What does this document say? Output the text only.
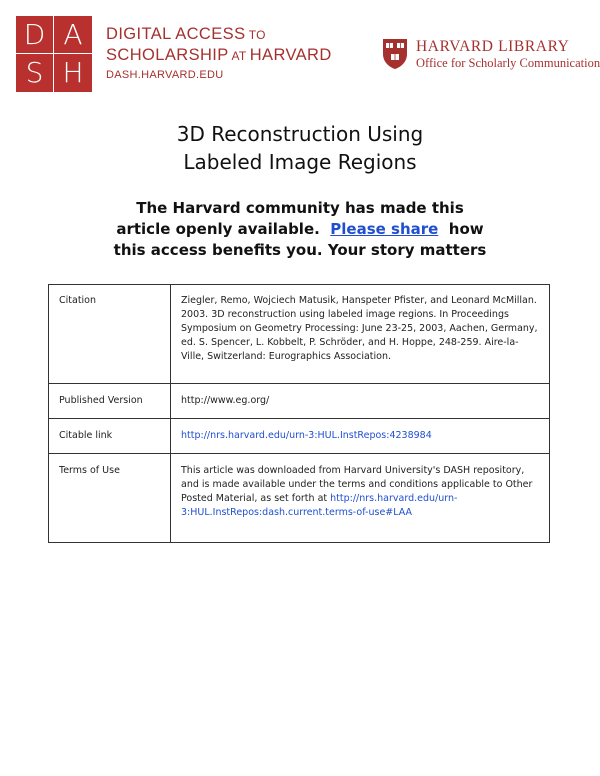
D A
S H
DIGITAL ACCESS TO
SCHOLARSHIP AT HARVARD
DASH.HARVARD.EDU
HARVARD LIBRARY
Office for Scholarly Communication
3D Reconstruction Using
Labeled Image Regions
The Harvard community has made this
article openly available. Please share how
this access benefits you. Your story matters
Citation	Ziegler, Remo, Wojciech Matusik, Hanspeter Pfister, and Leonard McMillan. 2003. 3D reconstruction using labeled image regions. In Proceedings Symposium on Geometry Processing: June 23-25, 2003, Aachen, Germany, ed. S. Spencer, L. Kobbelt, P. Schröder, and H. Hoppe, 248-259. Aire-la-Ville, Switzerland: Eurographics Association.
Published Version	http://www.eg.org/
Citable link	http://nrs.harvard.edu/urn-3:HUL.InstRepos:4238984
Terms of Use	This article was downloaded from Harvard University's DASH repository, and is made available under the terms and conditions applicable to Other Posted Material, as set forth at http://nrs.harvard.edu/urn-3:HUL.InstRepos:dash.current.terms-of-use#LAA
